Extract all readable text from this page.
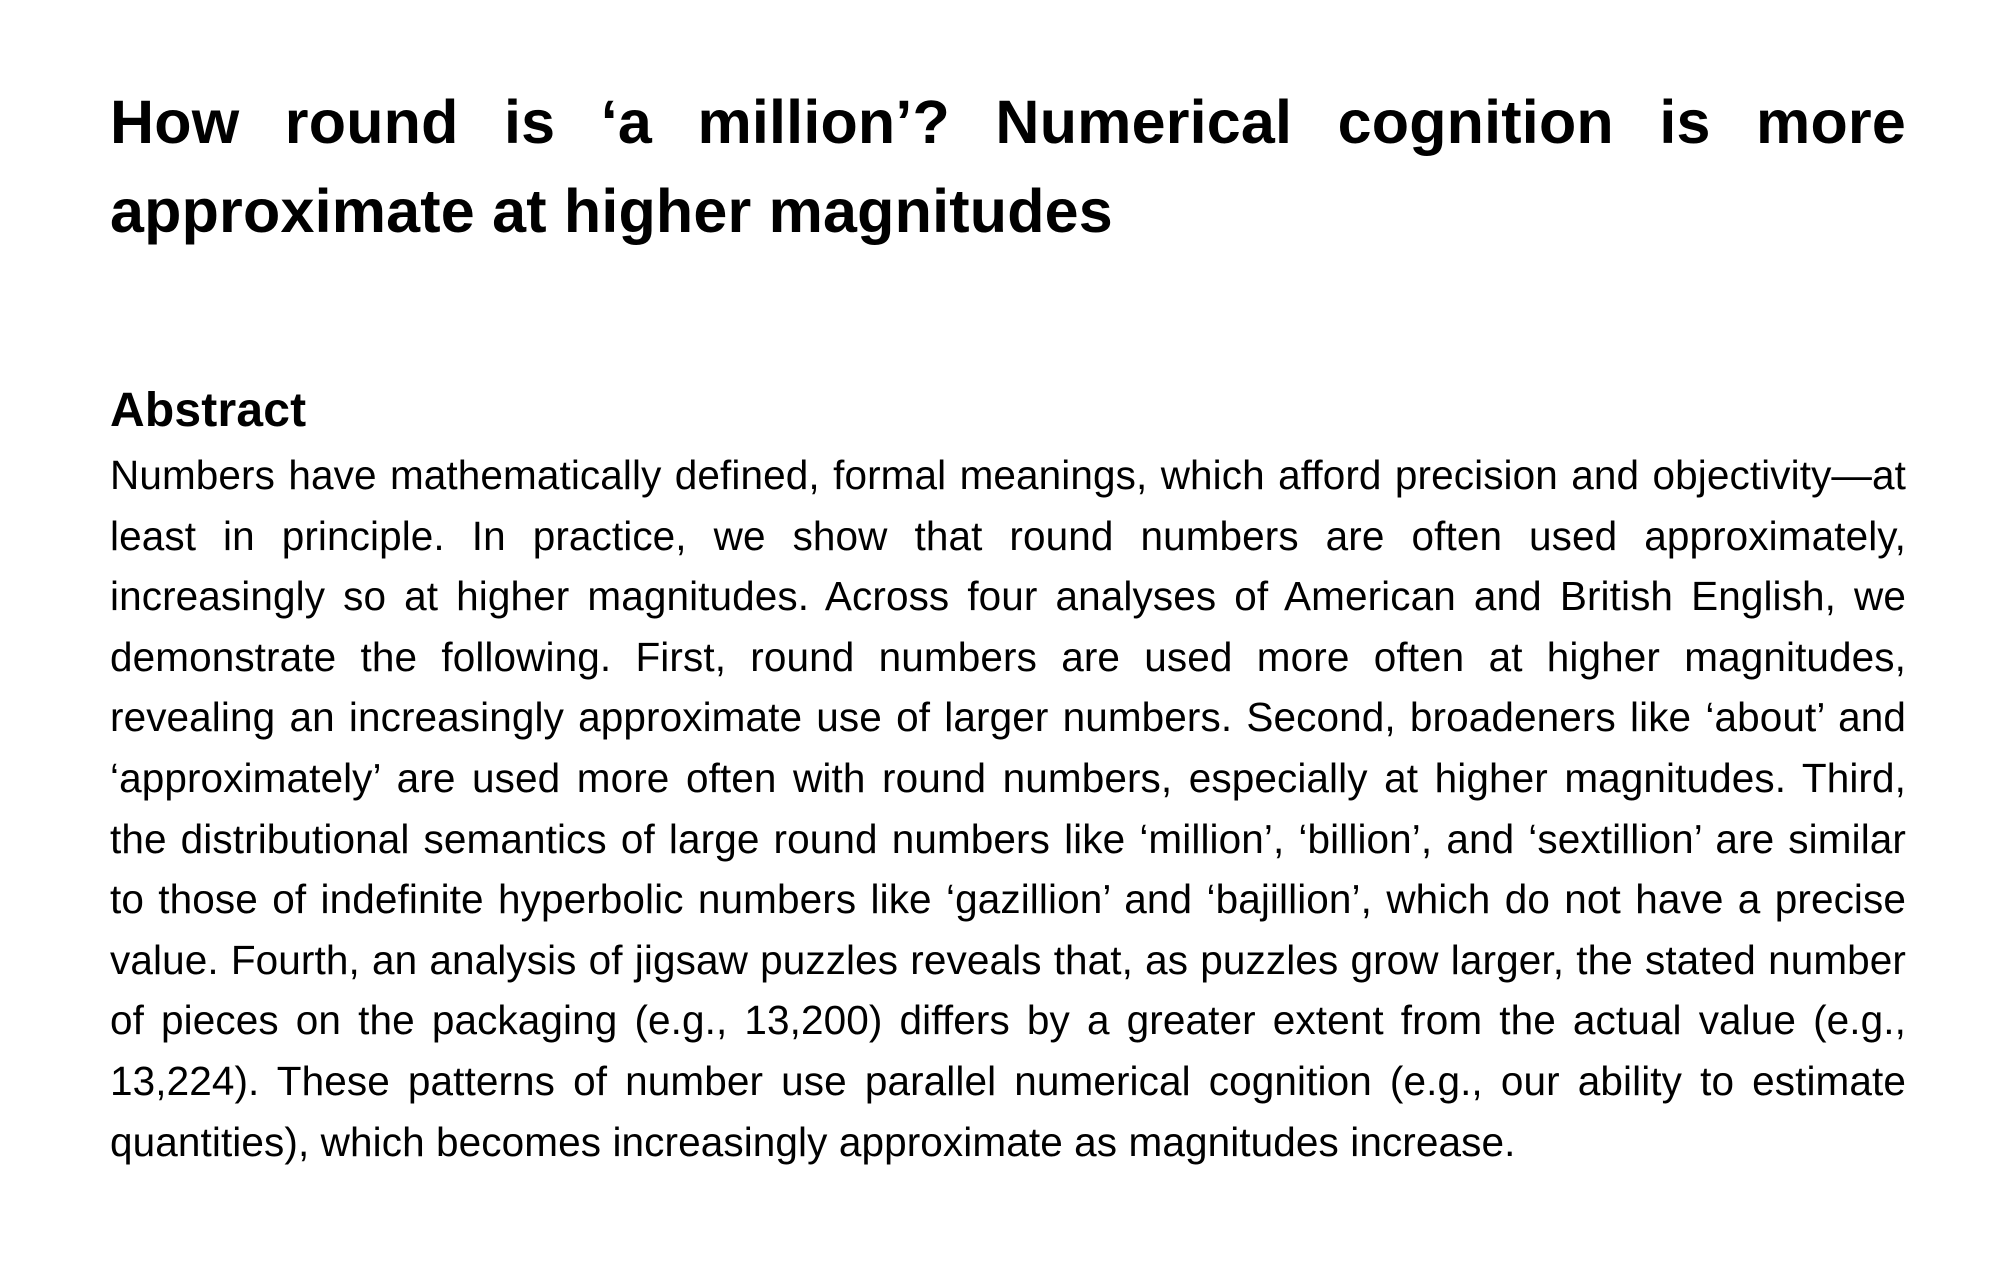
How round is ‘a million’? Numerical cognition is more approximate at higher magnitudes
Abstract

Numbers have mathematically defined, formal meanings, which afford precision and objectivity—at least in principle. In practice, we show that round numbers are often used approximately, increasingly so at higher magnitudes. Across four analyses of American and British English, we demonstrate the following. First, round numbers are used more often at higher magnitudes, revealing an increasingly approximate use of larger numbers. Second, broadeners like ‘about’ and ‘approximately’ are used more often with round numbers, especially at higher magnitudes. Third, the distributional semantics of large round numbers like ‘million’, ‘billion’, and ‘sextillion’ are similar to those of indefinite hyperbolic numbers like ‘gazillion’ and ‘bajillion’, which do not have a precise value. Fourth, an analysis of jigsaw puzzles reveals that, as puzzles grow larger, the stated number of pieces on the packaging (e.g., 13,200) differs by a greater extent from the actual value (e.g., 13,224). These patterns of number use parallel numerical cognition (e.g., our ability to estimate quantities), which becomes increasingly approximate as magnitudes increase.
